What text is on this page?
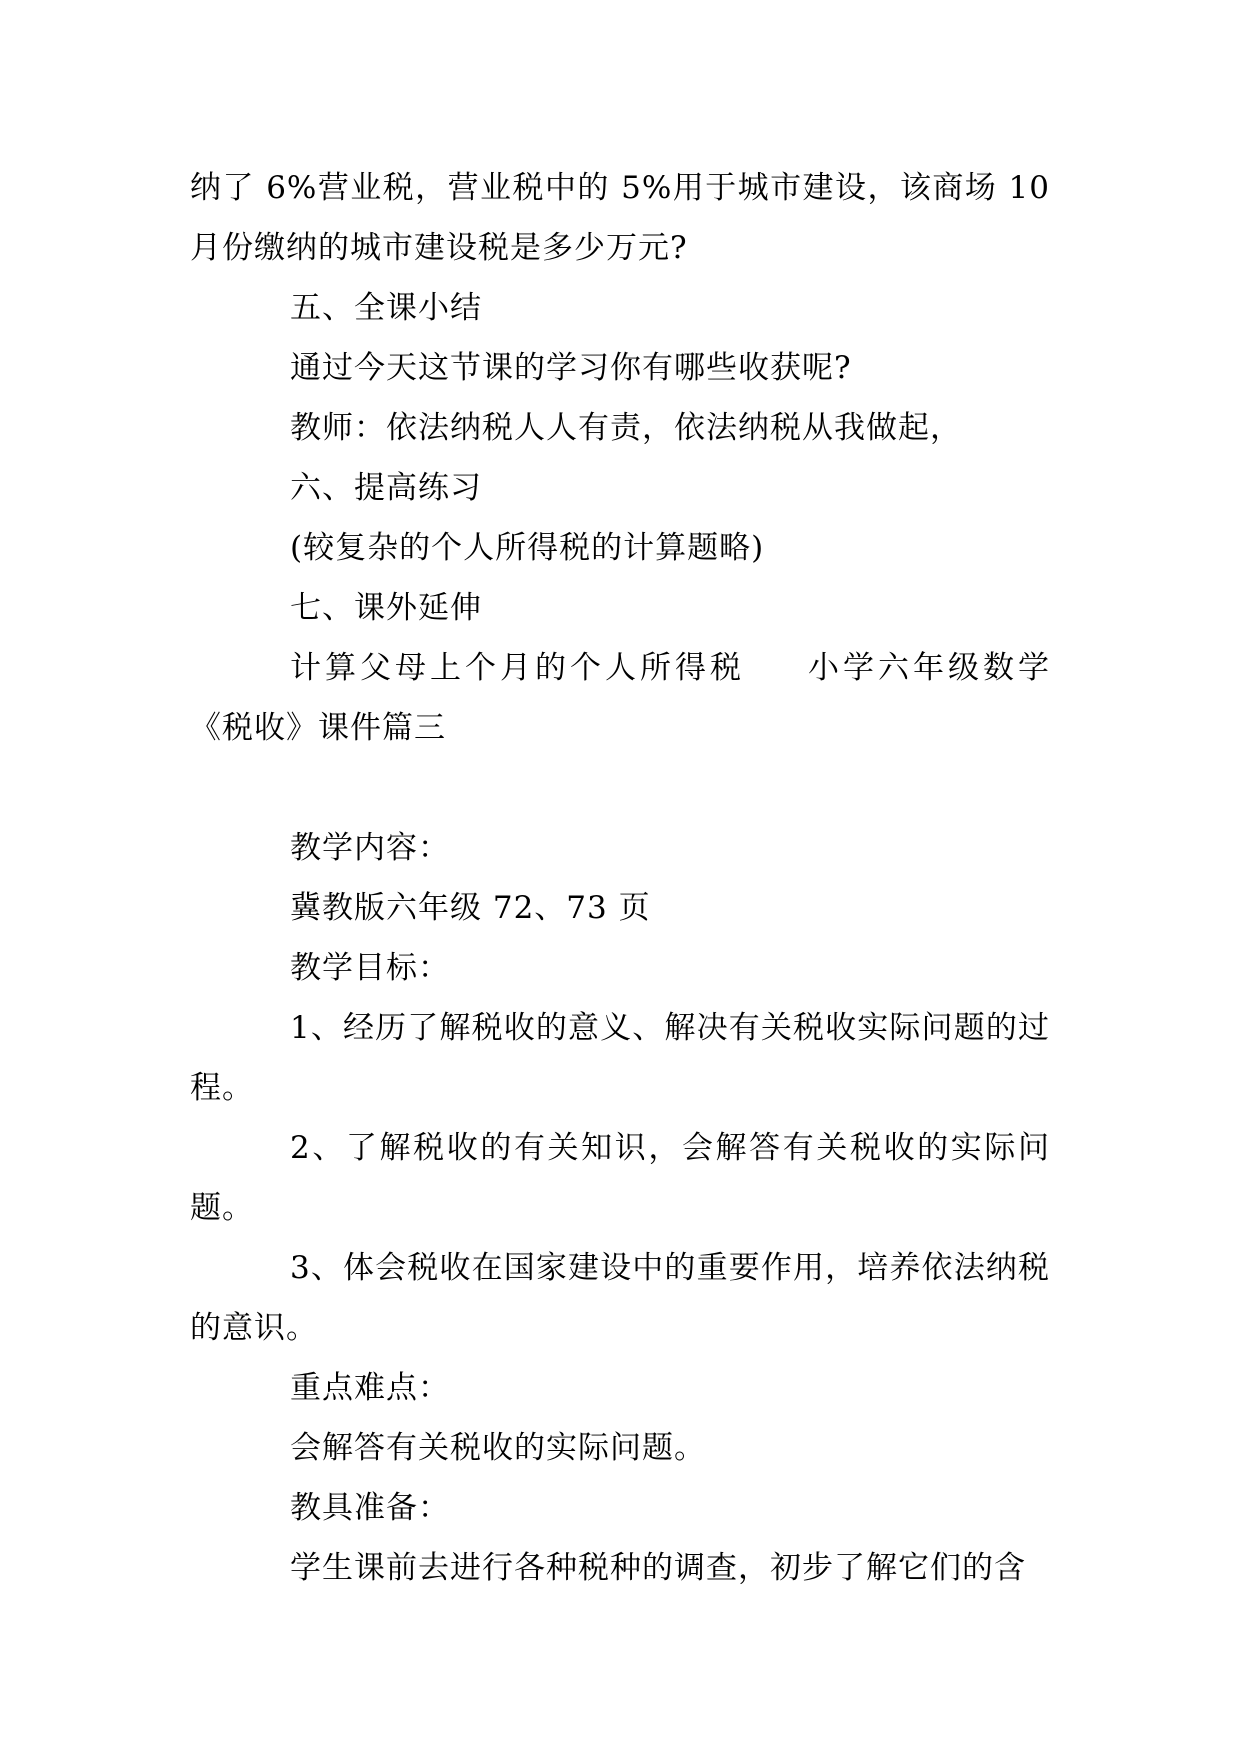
纳了 6%营业税，营业税中的 5%用于城市建设，该商场 10 月份缴纳的城市建设税是多少万元?

五、全课小结

通过今天这节课的学习你有哪些收获呢?

教师：依法纳税人人有责，依法纳税从我做起，

六、提高练习

(较复杂的个人所得税的计算题略)

七、课外延伸

计算父母上个月的个人所得税 小学六年级数学《税收》课件篇三

教学内容：

冀教版六年级 72、73 页

教学目标：

1、经历了解税收的意义、解决有关税收实际问题的过程。

2、了解税收的有关知识，会解答有关税收的实际问题。

3、体会税收在国家建设中的重要作用，培养依法纳税的意识。

重点难点：

会解答有关税收的实际问题。

教具准备：

学生课前去进行各种税种的调查，初步了解它们的含
